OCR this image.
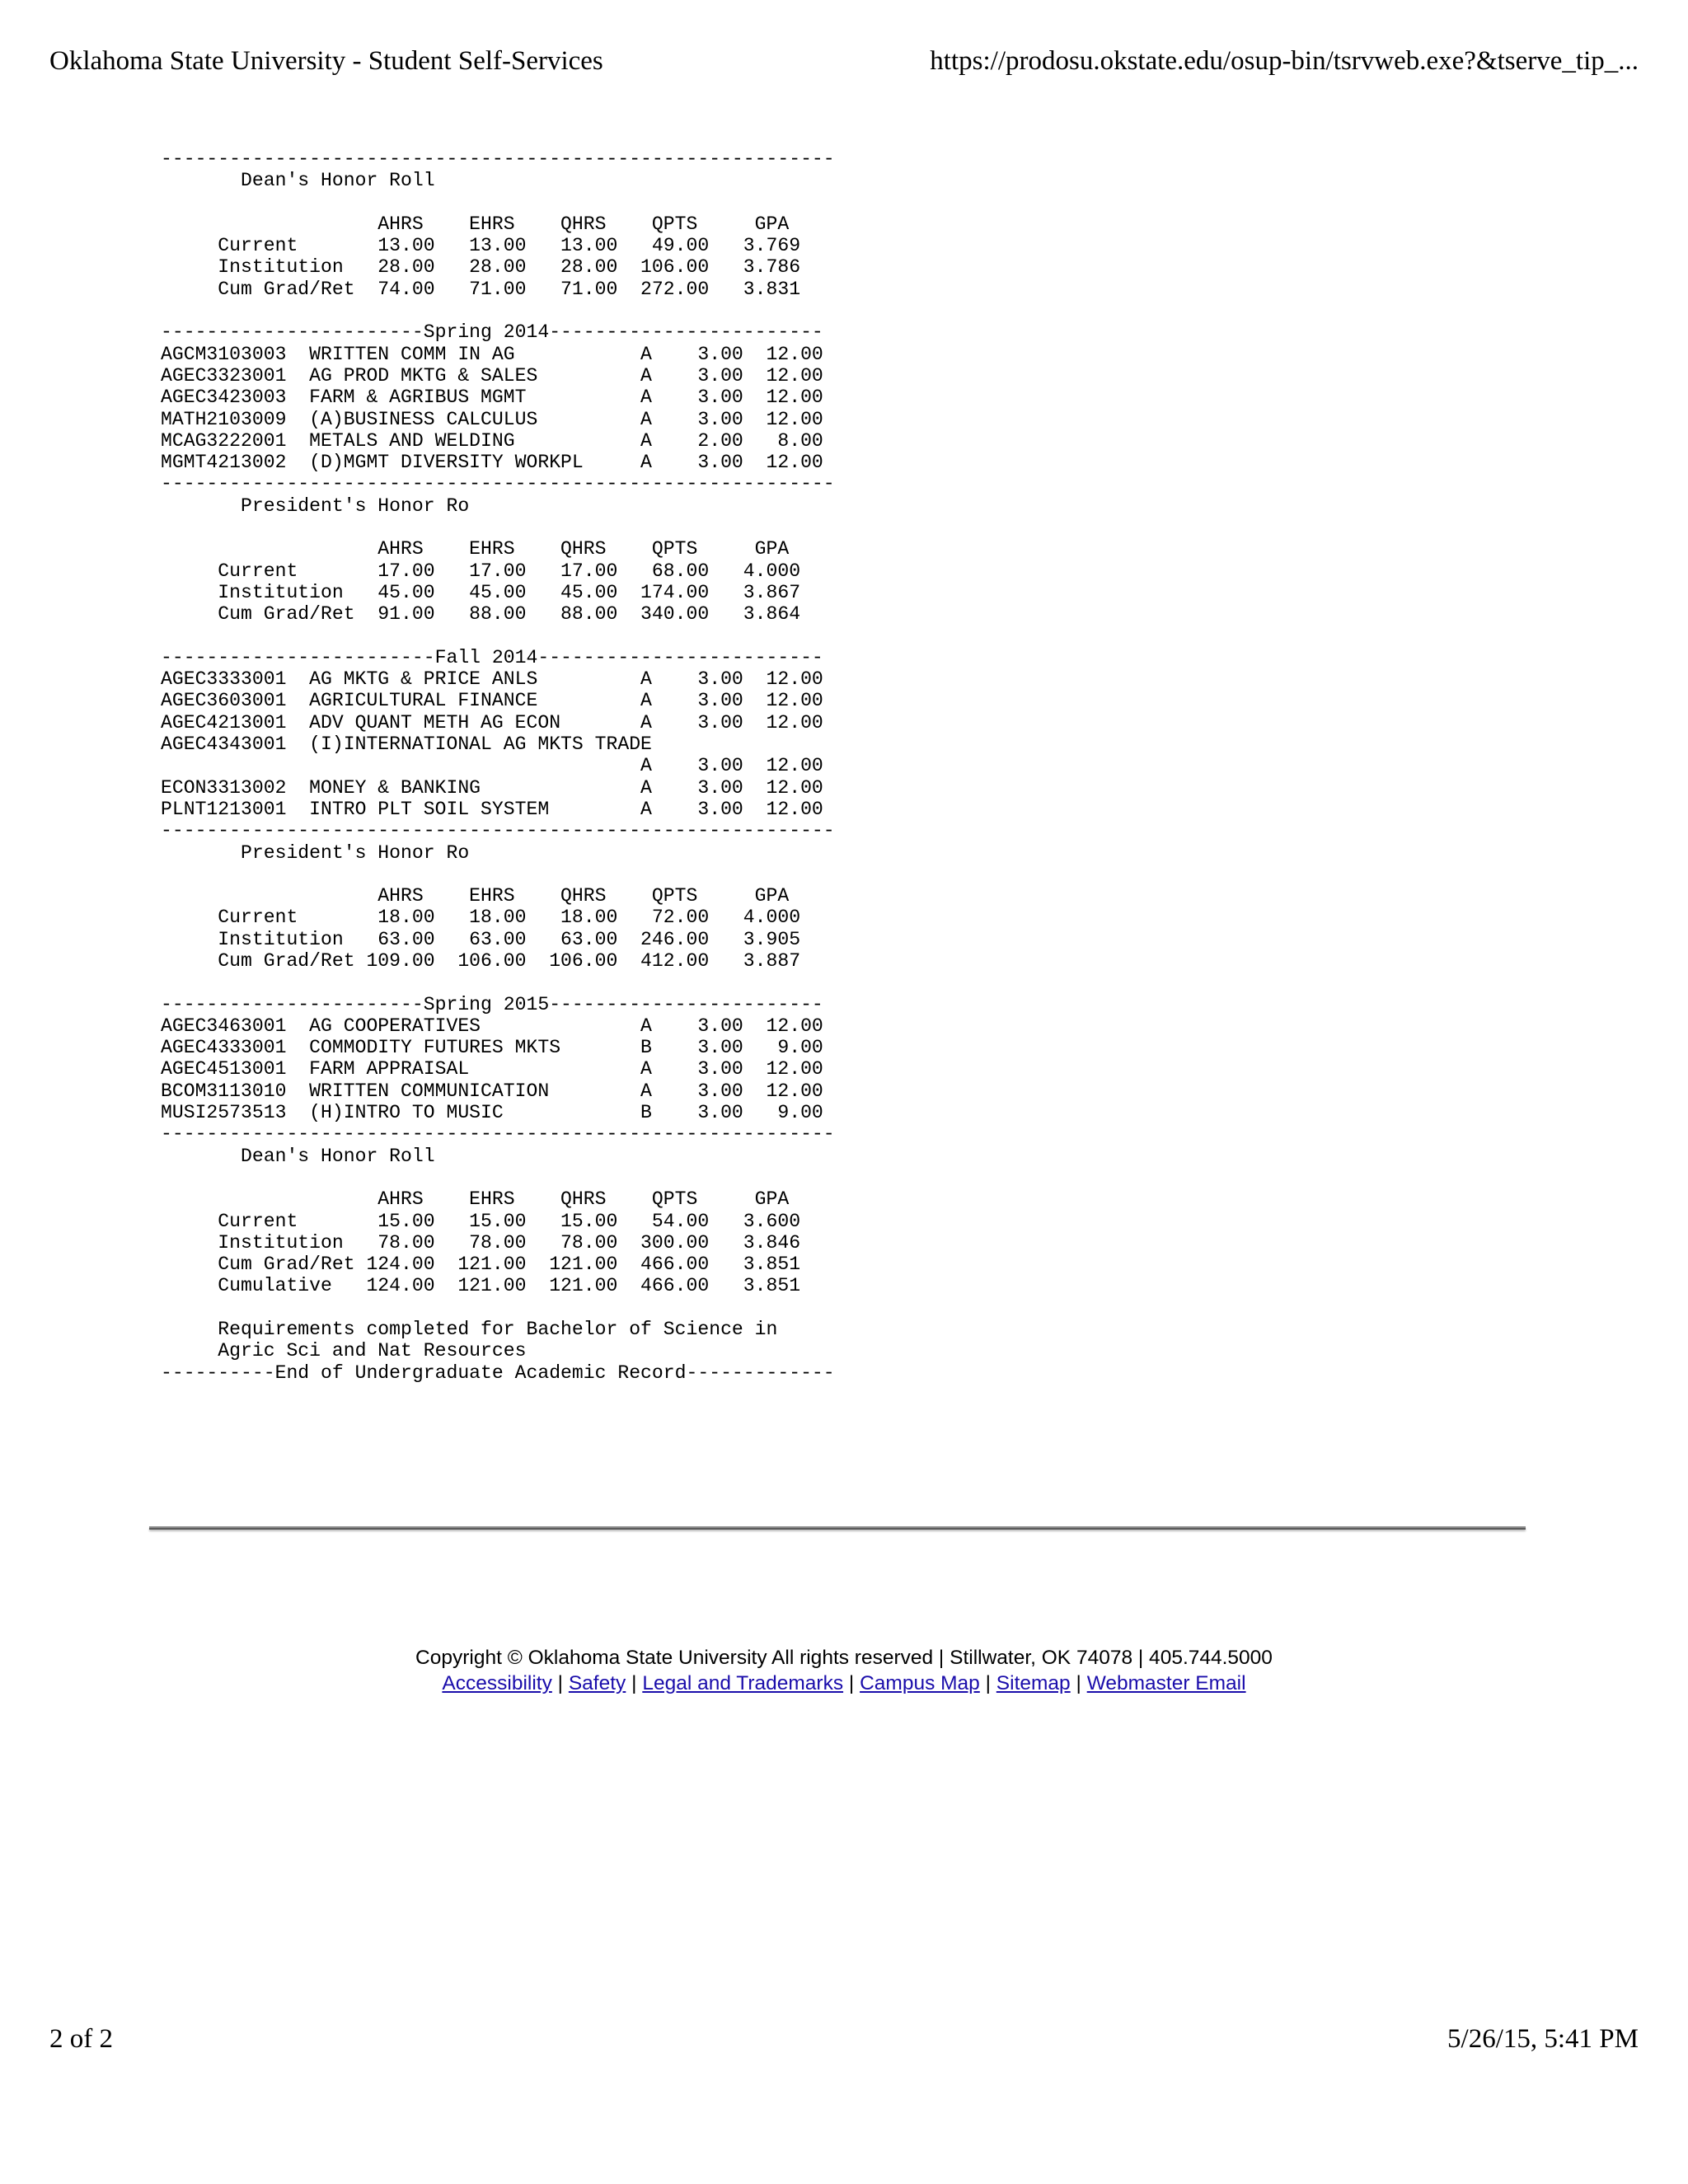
Oklahoma State University - Student Self-Services	https://prodosu.okstate.edu/osup-bin/tsrvweb.exe?&tserve_tip_...
-----------------------------------------------------------
Dean's Honor Roll
AHRS    EHRS    QHRS    QPTS     GPA
Current       13.00   13.00   13.00   49.00   3.769
Institution   28.00   28.00   28.00  106.00   3.786
Cum Grad/Ret  74.00   71.00   71.00  272.00   3.831
-----------------------Spring 2014------------------------
AGCM3103003  WRITTEN COMM IN AG           A    3.00  12.00
AGEC3323001  AG PROD MKTG & SALES         A    3.00  12.00
AGEC3423003  FARM & AGRIBUS MGMT          A    3.00  12.00
MATH2103009  (A)BUSINESS CALCULUS         A    3.00  12.00
MCAG3222001  METALS AND WELDING           A    2.00   8.00
MGMT4213002  (D)MGMT DIVERSITY WORKPL     A    3.00  12.00
-----------------------------------------------------------
President's Honor Ro
AHRS    EHRS    QHRS    QPTS     GPA
Current       17.00   17.00   17.00   68.00   4.000
Institution   45.00   45.00   45.00  174.00   3.867
Cum Grad/Ret  91.00   88.00   88.00  340.00   3.864
------------------------Fall 2014-------------------------
AGEC3333001  AG MKTG & PRICE ANLS         A    3.00  12.00
AGEC3603001  AGRICULTURAL FINANCE         A    3.00  12.00
AGEC4213001  ADV QUANT METH AG ECON       A    3.00  12.00
AGEC4343001  (I)INTERNATIONAL AG MKTS TRADE
A    3.00  12.00
ECON3313002  MONEY & BANKING              A    3.00  12.00
PLNT1213001  INTRO PLT SOIL SYSTEM        A    3.00  12.00
-----------------------------------------------------------
President's Honor Ro
AHRS    EHRS    QHRS    QPTS     GPA
Current       18.00   18.00   18.00   72.00   4.000
Institution   63.00   63.00   63.00  246.00   3.905
Cum Grad/Ret 109.00  106.00  106.00  412.00   3.887
-----------------------Spring 2015------------------------
AGEC3463001  AG COOPERATIVES              A    3.00  12.00
AGEC4333001  COMMODITY FUTURES MKTS       B    3.00   9.00
AGEC4513001  FARM APPRAISAL               A    3.00  12.00
BCOM3113010  WRITTEN COMMUNICATION        A    3.00  12.00
MUSI2573513  (H)INTRO TO MUSIC            B    3.00   9.00
-----------------------------------------------------------
Dean's Honor Roll
AHRS    EHRS    QHRS    QPTS     GPA
Current       15.00   15.00   15.00   54.00   3.600
Institution   78.00   78.00   78.00  300.00   3.846
Cum Grad/Ret 124.00  121.00  121.00  466.00   3.851
Cumulative   124.00  121.00  121.00  466.00   3.851
Requirements completed for Bachelor of Science in
Agric Sci and Nat Resources
----------End of Undergraduate Academic Record-------------
Copyright © Oklahoma State University All rights reserved | Stillwater, OK 74078 | 405.744.5000
Accessibility | Safety | Legal and Trademarks | Campus Map | Sitemap | Webmaster Email
2 of 2	5/26/15, 5:41 PM
